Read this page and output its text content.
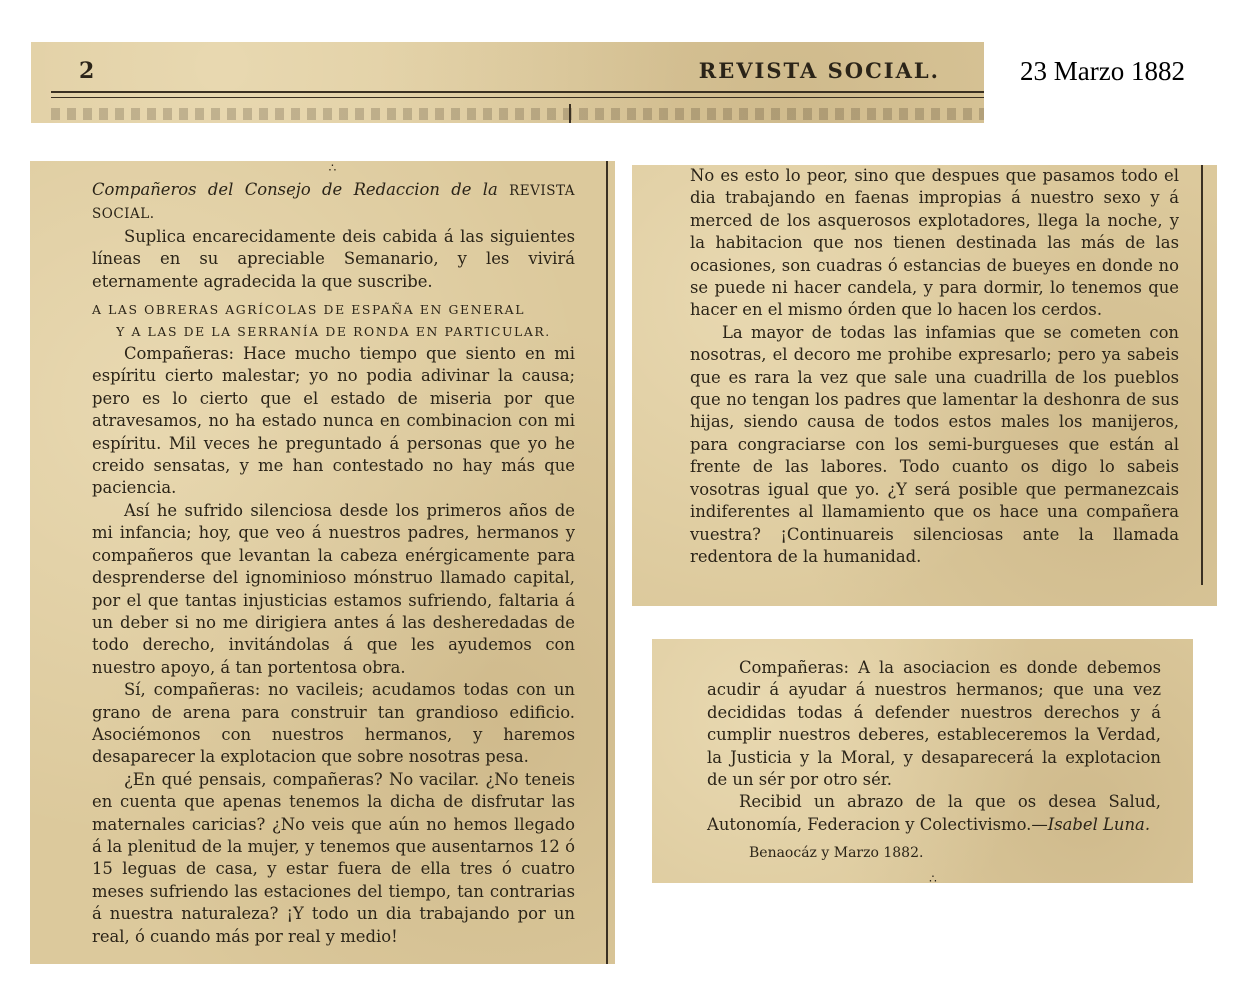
2	REVISTA SOCIAL.	23 Marzo 1882
∴

Compañeros del Consejo de Redaccion de la REVISTA SOCIAL.

Suplica encarecidamente deis cabida á las siguientes líneas en su apreciable Semanario, y les vivirá eternamente agradecida la que suscribe.

A LAS OBRERAS AGRÍCOLAS DE ESPAÑA EN GENERAL

Y A LAS DE LA SERRANÍA DE RONDA EN PARTICULAR.

Compañeras: Hace mucho tiempo que siento en mi espíritu cierto malestar; yo no podia adivinar la causa; pero es lo cierto que el estado de miseria por que atravesamos, no ha estado nunca en combinacion con mi espíritu. Mil veces he preguntado á personas que yo he creido sensatas, y me han contestado no hay más que paciencia.

Así he sufrido silenciosa desde los primeros años de mi infancia; hoy, que veo á nuestros padres, hermanos y compañeros que levantan la cabeza enérgicamente para desprenderse del ignominioso mónstruo llamado capital, por el que tantas injusticias estamos sufriendo, faltaria á un deber si no me dirigiera antes á las desheredadas de todo derecho, invitándolas á que les ayudemos con nuestro apoyo, á tan portentosa obra.

Sí, compañeras: no vacileis; acudamos todas con un grano de arena para construir tan grandioso edificio. Asociémonos con nuestros hermanos, y haremos desaparecer la explotacion que sobre nosotras pesa.

¿En qué pensais, compañeras? No vacilar. ¿No teneis en cuenta que apenas tenemos la dicha de disfrutar las maternales caricias? ¿No veis que aún no hemos llegado á la plenitud de la mujer, y tenemos que ausentarnos 12 ó 15 leguas de casa, y estar fuera de ella tres ó cuatro meses sufriendo las estaciones del tiempo, tan contrarias á nuestra naturaleza? ¡Y todo un dia trabajando por un real, ó cuando más por real y medio!

No es esto lo peor, sino que despues que pasamos todo el dia trabajando en faenas impropias á nuestro sexo y á merced de los asquerosos explotadores, llega la noche, y la habitacion que nos tienen destinada las más de las ocasiones, son cuadras ó estancias de bueyes en donde no se puede ni hacer candela, y para dormir, lo tenemos que hacer en el mismo órden que lo hacen los cerdos.

La mayor de todas las infamias que se cometen con nosotras, el decoro me prohibe expresarlo; pero ya sabeis que es rara la vez que sale una cuadrilla de los pueblos que no tengan los padres que lamentar la deshonra de sus hijas, siendo causa de todos estos males los manijeros, para congraciarse con los semi-burgueses que están al frente de las labores. Todo cuanto os digo lo sabeis vosotras igual que yo. ¿Y será posible que permanezcais indiferentes al llamamiento que os hace una compañera vuestra? ¡Continuareis silenciosas ante la llamada redentora de la humanidad.

Compañeras: A la asociacion es donde debemos acudir á ayudar á nuestros hermanos; que una vez decididas todas á defender nuestros derechos y á cumplir nuestros deberes, estableceremos la Verdad, la Justicia y la Moral, y desaparecerá la explotacion de un sér por otro sér.

Recibid un abrazo de la que os desea Salud, Autonomía, Federacion y Colectivismo.—Isabel Luna.

Benaocáz y Marzo 1882.

∴
